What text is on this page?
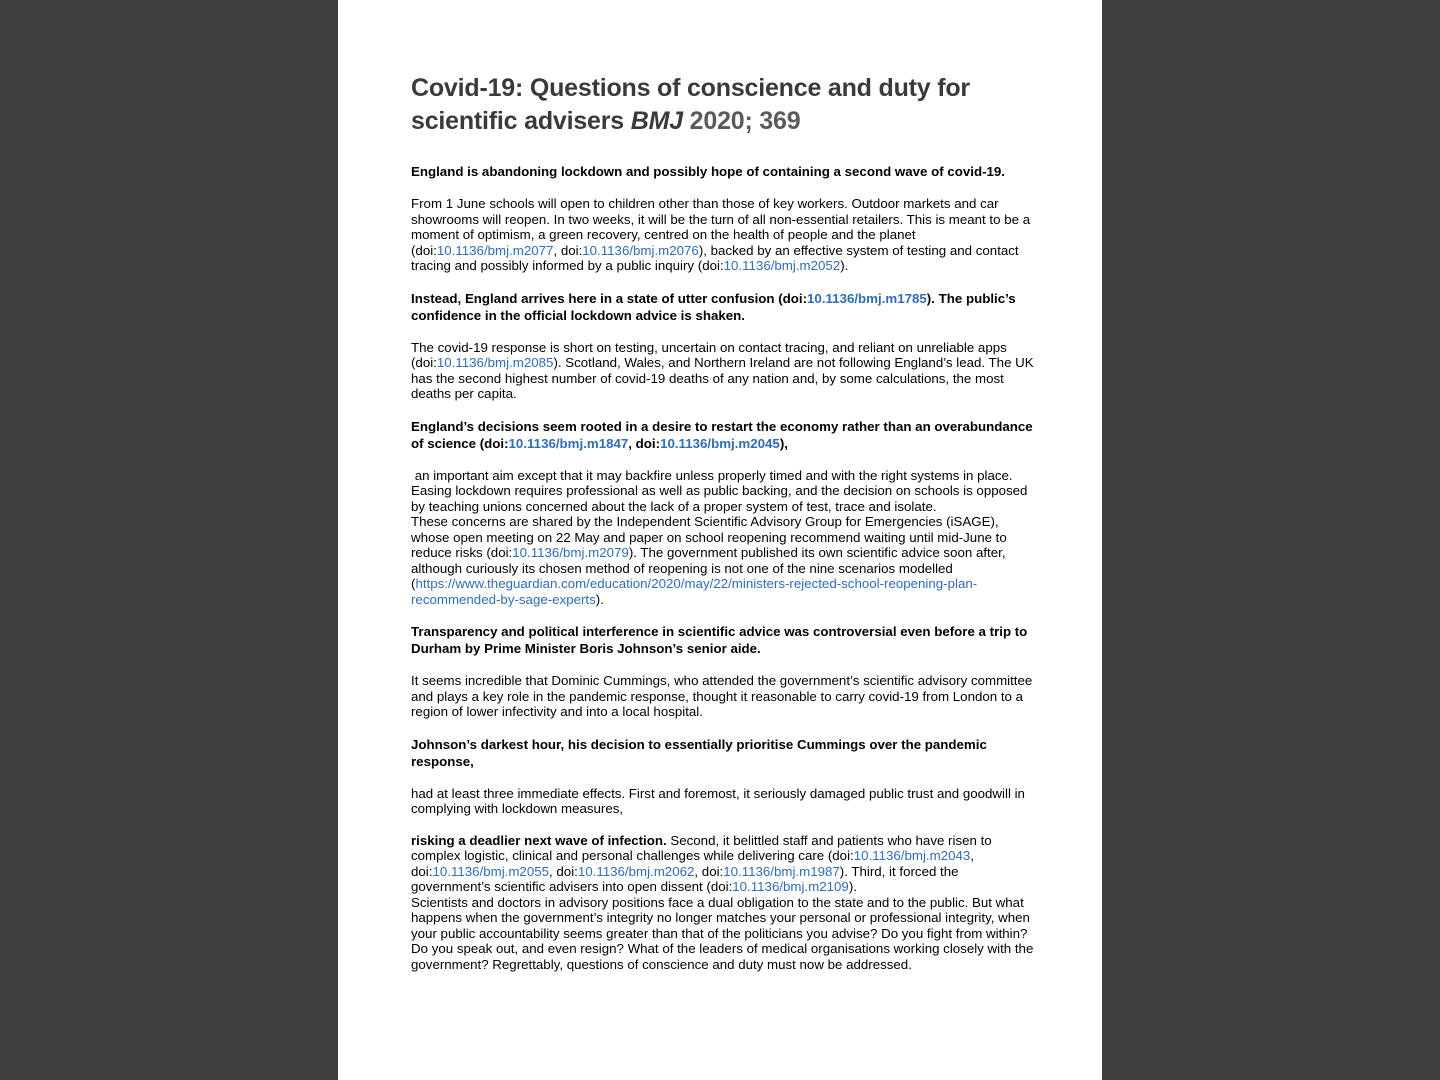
Covid-19: Questions of conscience and duty for scientific advisers BMJ 2020; 369

England is abandoning lockdown and possibly hope of containing a second wave of covid-19.

From 1 June schools will open to children other than those of key workers. Outdoor markets and car showrooms will reopen. In two weeks, it will be the turn of all non-essential retailers. This is meant to be a moment of optimism, a green recovery, centred on the health of people and the planet (doi:10.1136/bmj.m2077, doi:10.1136/bmj.m2076), backed by an effective system of testing and contact tracing and possibly informed by a public inquiry (doi:10.1136/bmj.m2052).

Instead, England arrives here in a state of utter confusion (doi:10.1136/bmj.m1785). The public’s confidence in the official lockdown advice is shaken.

The covid-19 response is short on testing, uncertain on contact tracing, and reliant on unreliable apps (doi:10.1136/bmj.m2085). Scotland, Wales, and Northern Ireland are not following England’s lead. The UK has the second highest number of covid-19 deaths of any nation and, by some calculations, the most deaths per capita.

England’s decisions seem rooted in a desire to restart the economy rather than an overabundance of science (doi:10.1136/bmj.m1847, doi:10.1136/bmj.m2045),

an important aim except that it may backfire unless properly timed and with the right systems in place. Easing lockdown requires professional as well as public backing, and the decision on schools is opposed by teaching unions concerned about the lack of a proper system of test, trace and isolate.
These concerns are shared by the Independent Scientific Advisory Group for Emergencies (iSAGE), whose open meeting on 22 May and paper on school reopening recommend waiting until mid-June to reduce risks (doi:10.1136/bmj.m2079). The government published its own scientific advice soon after, although curiously its chosen method of reopening is not one of the nine scenarios modelled (https://www.theguardian.com/education/2020/may/22/ministers-rejected-school-reopening-plan-recommended-by-sage-experts).

Transparency and political interference in scientific advice was controversial even before a trip to Durham by Prime Minister Boris Johnson’s senior aide.

It seems incredible that Dominic Cummings, who attended the government’s scientific advisory committee and plays a key role in the pandemic response, thought it reasonable to carry covid-19 from London to a region of lower infectivity and into a local hospital.

Johnson’s darkest hour, his decision to essentially prioritise Cummings over the pandemic response,

had at least three immediate effects. First and foremost, it seriously damaged public trust and goodwill in complying with lockdown measures,

risking a deadlier next wave of infection. Second, it belittled staff and patients who have risen to complex logistic, clinical and personal challenges while delivering care (doi:10.1136/bmj.m2043, doi:10.1136/bmj.m2055, doi:10.1136/bmj.m2062, doi:10.1136/bmj.m1987). Third, it forced the government’s scientific advisers into open dissent (doi:10.1136/bmj.m2109).
Scientists and doctors in advisory positions face a dual obligation to the state and to the public. But what happens when the government’s integrity no longer matches your personal or professional integrity, when your public accountability seems greater than that of the politicians you advise? Do you fight from within? Do you speak out, and even resign? What of the leaders of medical organisations working closely with the government? Regrettably, questions of conscience and duty must now be addressed.
